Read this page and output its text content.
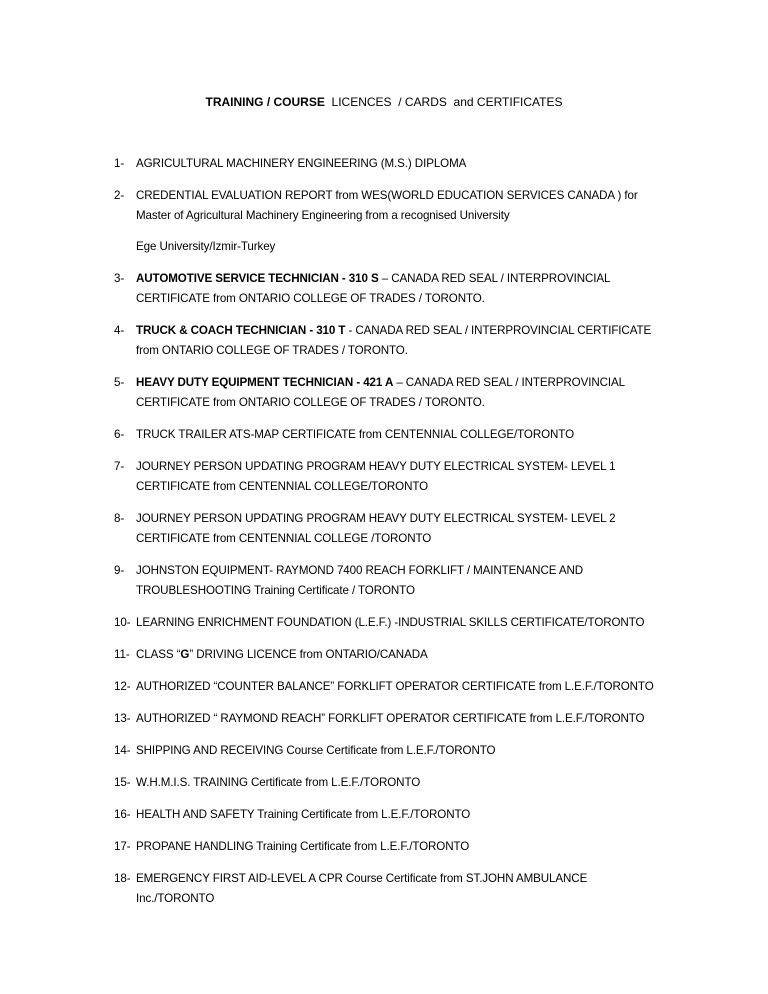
TRAINING / COURSE  LICENCES  / CARDS  and CERTIFICATES
1- AGRICULTURAL MACHINERY ENGINEERING (M.S.) DIPLOMA
2- CREDENTIAL EVALUATION REPORT from WES(WORLD EDUCATION SERVICES CANADA ) for
Master of Agricultural Machinery Engineering from a recognised University
Ege University/Izmir-Turkey
3- AUTOMOTIVE SERVICE TECHNICIAN - 310 S – CANADA RED SEAL / INTERPROVINCIAL
CERTIFICATE from ONTARIO COLLEGE OF TRADES / TORONTO.
4- TRUCK & COACH TECHNICIAN - 310 T - CANADA RED SEAL / INTERPROVINCIAL CERTIFICATE
from ONTARIO COLLEGE OF TRADES / TORONTO.
5- HEAVY DUTY EQUIPMENT TECHNICIAN - 421 A – CANADA RED SEAL / INTERPROVINCIAL
CERTIFICATE from ONTARIO COLLEGE OF TRADES / TORONTO.
6- TRUCK TRAILER ATS-MAP CERTIFICATE from CENTENNIAL COLLEGE/TORONTO
7- JOURNEY PERSON UPDATING PROGRAM HEAVY DUTY ELECTRICAL SYSTEM- LEVEL 1
CERTIFICATE from CENTENNIAL COLLEGE/TORONTO
8- JOURNEY PERSON UPDATING PROGRAM HEAVY DUTY ELECTRICAL SYSTEM- LEVEL 2
CERTIFICATE from CENTENNIAL COLLEGE /TORONTO
9- JOHNSTON EQUIPMENT- RAYMOND 7400 REACH FORKLIFT / MAINTENANCE AND
TROUBLESHOOTING Training Certificate / TORONTO
10- LEARNING ENRICHMENT FOUNDATION (L.E.F.) -INDUSTRIAL SKILLS CERTIFICATE/TORONTO
11- CLASS “G” DRIVING LICENCE from ONTARIO/CANADA
12- AUTHORIZED “COUNTER BALANCE” FORKLIFT OPERATOR CERTIFICATE from L.E.F./TORONTO
13- AUTHORIZED “ RAYMOND REACH” FORKLIFT OPERATOR CERTIFICATE from L.E.F./TORONTO
14- SHIPPING AND RECEIVING Course Certificate from L.E.F./TORONTO
15- W.H.M.I.S. TRAINING Certificate from L.E.F./TORONTO
16- HEALTH AND SAFETY Training Certificate from L.E.F./TORONTO
17- PROPANE HANDLING Training Certificate from L.E.F./TORONTO
18- EMERGENCY FIRST AID-LEVEL A CPR Course Certificate from ST.JOHN AMBULANCE
Inc./TORONTO
